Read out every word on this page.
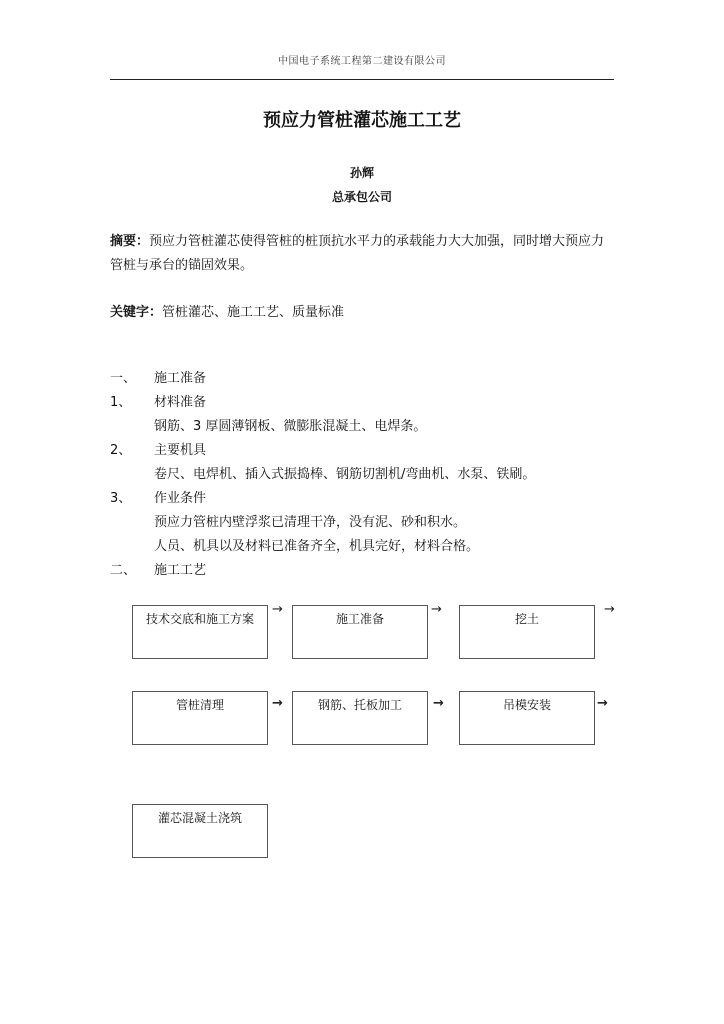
中国电子系统工程第二建设有限公司
预应力管桩灌芯施工工艺
孙辉
总承包公司
摘要：预应力管桩灌芯使得管桩的桩顶抗水平力的承载能力大大加强，同时增大预应力管桩与承台的锚固效果。
关键字：管桩灌芯、施工工艺、质量标准
一、 施工准备
1、 材料准备
钢筋、3 厚圆薄钢板、微膨胀混凝土、电焊条。
2、 主要机具
卷尺、电焊机、插入式振捣棒、钢筋切割机/弯曲机、水泵、铁刷。
3、 作业条件
预应力管桩内壁浮浆已清理干净，没有泥、砂和积水。
人员、机具以及材料已准备齐全，机具完好，材料合格。
二、 施工工艺
技术交底和施工方案	施工准备	挖土
→	→	→
管桩清理	钢筋、托板加工	吊模安装
→	→	→
灌芯混凝土浇筑
